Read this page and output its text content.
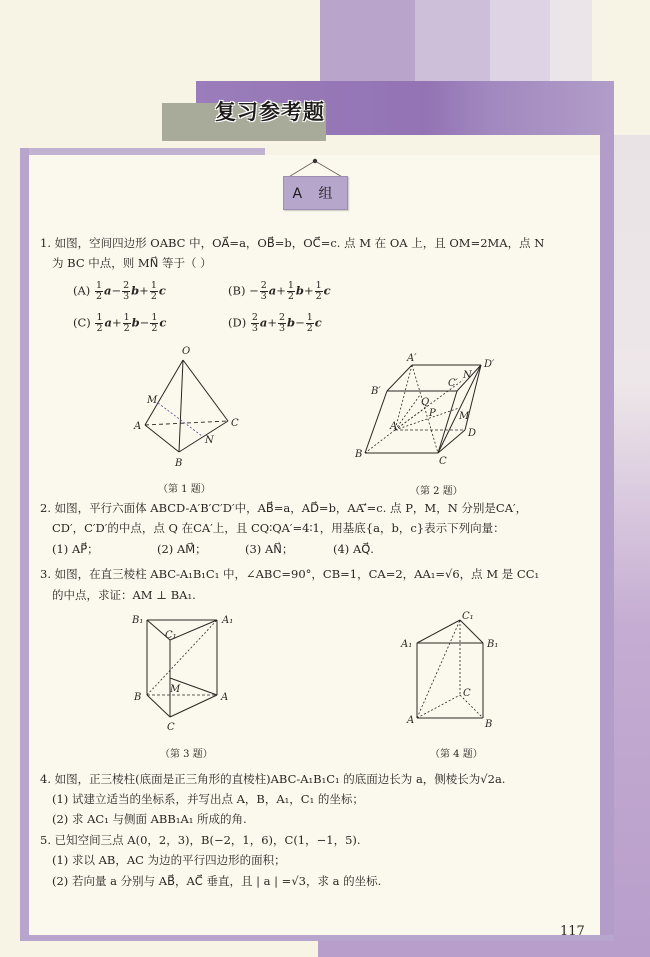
复习参考题
A 组
1. 如图，空间四边形 OABC 中，OA⃗=a，OB⃗=b，OC⃗=c. 点 M 在 OA 上，且 OM=2MA，点 N
为 BC 中点，则 MN⃗ 等于（ ）
$(A) \frac{1}{2} a- \frac{2}{3} b+ \frac{1}{2}$ c	$(B) - \frac{2}{3} a+ \frac{1}{2} b+ \frac{1}{2}$ c
$(C) \frac{1}{2} a+ \frac{1}{2} b- \frac{1}{2}$ c	$(D) \frac{2}{3} a+ \frac{2}{3} b- \frac{1}{2}$ c
O
M
A	C
N
B
（第 1 题）
A′
D′
B′
C′
N
Q
P M
A
D
B
C
（第 2 题）
2. 如图，平行六面体 ABCD-A′B′C′D′中，AB⃗=a，AD⃗=b，AA′⃗=c. 点 P，M，N 分别是CA′，
CD′，C′D′的中点，点 Q 在CA′上，且 CQ∶QA′=4∶1，用基底{a，b，c}表示下列向量：
(1) AP⃗；	(2) AM⃗；	(3) AN⃗；	(4) AQ⃗.
3. 如图，在直三棱柱 ABC-A₁B₁C₁ 中，∠ABC=90°，CB=1，CA=2，AA₁=√6，点 M 是 CC₁
的中点，求证：AM ⊥ BA₁.
B₁	A₁
C₁
M
B	A
C
（第 3 题）
C₁
A₁	B₁
C
A	B
（第 4 题）
4. 如图，正三棱柱(底面是正三角形的直棱柱)ABC-A₁B₁C₁ 的底面边长为 a，侧棱长为√2a.
(1) 试建立适当的坐标系，并写出点 A，B，A₁，C₁ 的坐标；
(2) 求 AC₁ 与侧面 ABB₁A₁ 所成的角.
5. 已知空间三点 A(0，2，3)，B(−2，1，6)，C(1，−1，5).
(1) 求以 AB，AC 为边的平行四边形的面积；
(2) 若向量 a 分别与 AB⃗，AC⃗ 垂直，且 | a | =√3，求 a 的坐标.
117
